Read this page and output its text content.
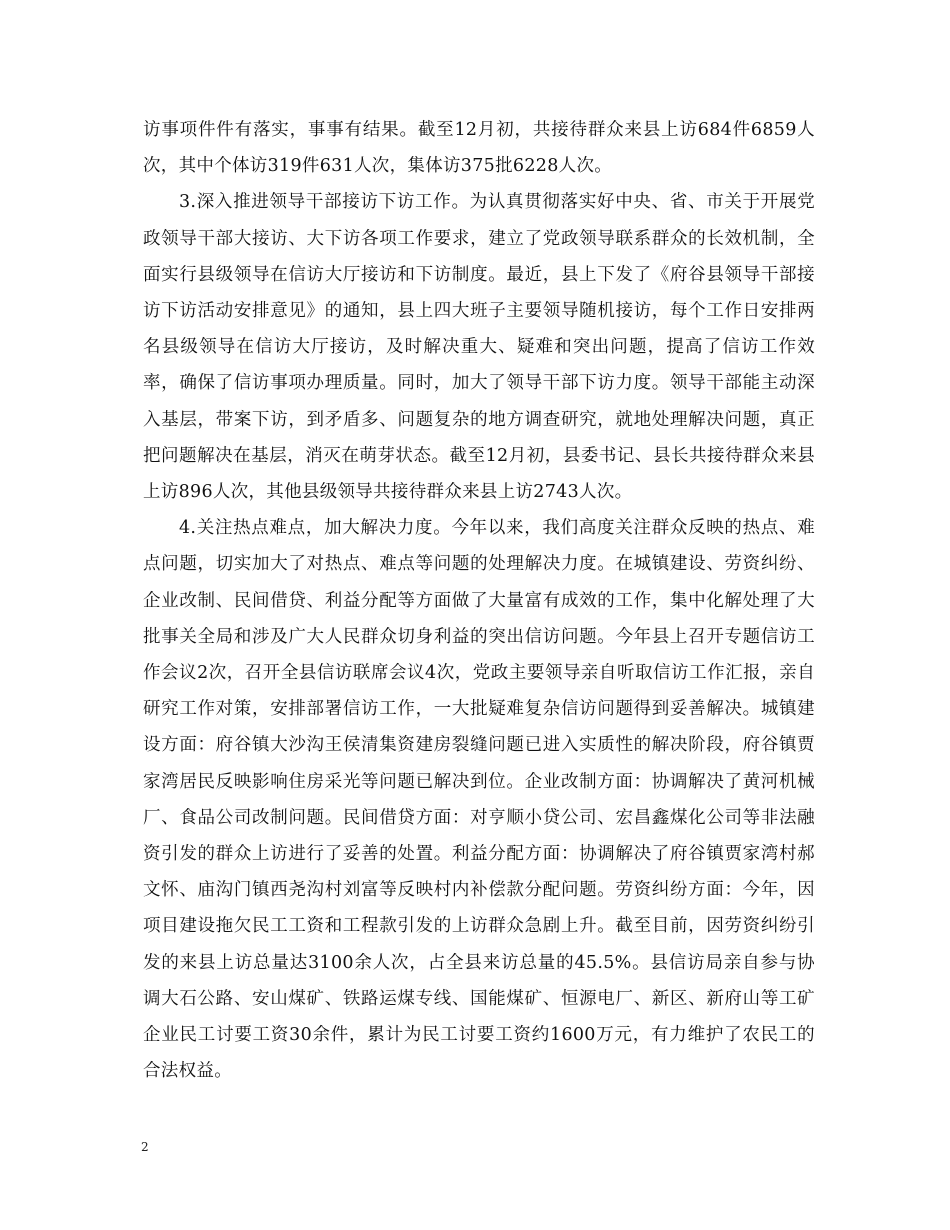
访事项件件有落实，事事有结果。截至12月初，共接待群众来县上访684件6859人次，其中个体访319件631人次，集体访375批6228人次。

3.深入推进领导干部接访下访工作。为认真贯彻落实好中央、省、市关于开展党政领导干部大接访、大下访各项工作要求，建立了党政领导联系群众的长效机制，全面实行县级领导在信访大厅接访和下访制度。最近，县上下发了《府谷县领导干部接访下访活动安排意见》的通知，县上四大班子主要领导随机接访，每个工作日安排两名县级领导在信访大厅接访，及时解决重大、疑难和突出问题，提高了信访工作效率，确保了信访事项办理质量。同时，加大了领导干部下访力度。领导干部能主动深入基层，带案下访，到矛盾多、问题复杂的地方调查研究，就地处理解决问题，真正把问题解决在基层，消灭在萌芽状态。截至12月初，县委书记、县长共接待群众来县上访896人次，其他县级领导共接待群众来县上访2743人次。

4.关注热点难点，加大解决力度。今年以来，我们高度关注群众反映的热点、难点问题，切实加大了对热点、难点等问题的处理解决力度。在城镇建设、劳资纠纷、企业改制、民间借贷、利益分配等方面做了大量富有成效的工作，集中化解处理了大批事关全局和涉及广大人民群众切身利益的突出信访问题。今年县上召开专题信访工作会议2次，召开全县信访联席会议4次，党政主要领导亲自听取信访工作汇报，亲自研究工作对策，安排部署信访工作，一大批疑难复杂信访问题得到妥善解决。城镇建设方面：府谷镇大沙沟王侯清集资建房裂缝问题已进入实质性的解决阶段，府谷镇贾家湾居民反映影响住房采光等问题已解决到位。企业改制方面：协调解决了黄河机械厂、食品公司改制问题。民间借贷方面：对亨顺小贷公司、宏昌鑫煤化公司等非法融资引发的群众上访进行了妥善的处置。利益分配方面：协调解决了府谷镇贾家湾村郝文怀、庙沟门镇西尧沟村刘富等反映村内补偿款分配问题。劳资纠纷方面：今年，因项目建设拖欠民工工资和工程款引发的上访群众急剧上升。截至目前，因劳资纠纷引发的来县上访总量达3100余人次，占全县来访总量的45.5%。县信访局亲自参与协调大石公路、安山煤矿、铁路运煤专线、国能煤矿、恒源电厂、新区、新府山等工矿企业民工讨要工资30余件，累计为民工讨要工资约1600万元，有力维护了农民工的合法权益。

2
